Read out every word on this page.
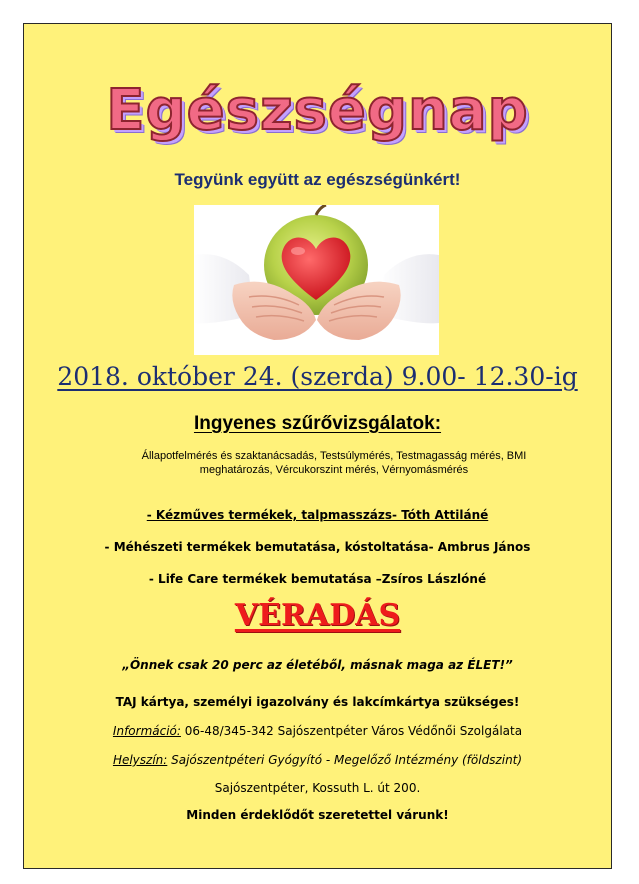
Egészségnap
Tegyünk együtt az egészségünkért!
2018. október 24. (szerda) 9.00- 12.30-ig
Ingyenes szűrővizsgálatok:
Állapotfelmérés és szaktanácsadás, Testsúlymérés, Testmagasság mérés, BMI meghatározás, Vércukorszint mérés, Vérnyomásmérés
- Kézműves termékek, talpmasszázs- Tóth Attiláné
- Méhészeti termékek bemutatása, kóstoltatása- Ambrus János
- Life Care termékek bemutatása –Zsíros Lászlóné
VÉRADÁS
„Önnek csak 20 perc az életéből, másnak maga az ÉLET!”
TAJ kártya, személyi igazolvány és lakcímkártya szükséges!
Információ: 06-48/345-342 Sajószentpéter Város Védőnői Szolgálata
Helyszín: Sajószentpéteri Gyógyító - Megelőző Intézmény (földszint)
Sajószentpéter, Kossuth L. út 200.
Minden érdeklődőt szeretettel várunk!
